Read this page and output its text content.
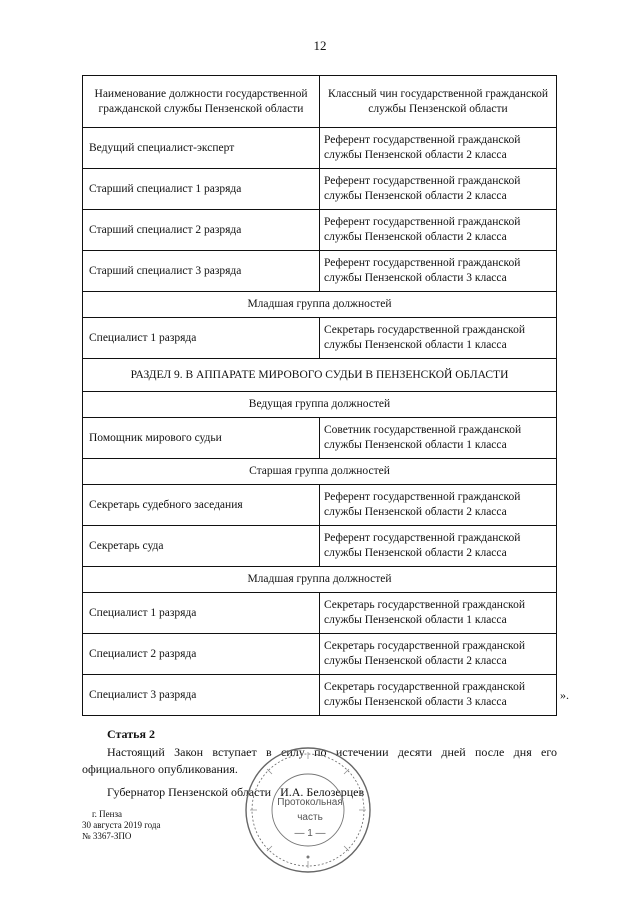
12
Наименование должности государственной гражданской службы Пензенской области	Классный чин государственной гражданской службы Пензенской области
Ведущий специалист-эксперт	Референт государственной гражданской службы Пензенской области 2 класса
Старший специалист 1 разряда	Референт государственной гражданской службы Пензенской области 2 класса
Старший специалист 2 разряда	Референт государственной гражданской службы Пензенской области 2 класса
Старший специалист 3 разряда	Референт государственной гражданской службы Пензенской области 3 класса
Младшая группа должностей	
Специалист 1 разряда	Секретарь государственной гражданской службы Пензенской области 1 класса
РАЗДЕЛ 9. В АППАРАТЕ МИРОВОГО СУДЬИ В ПЕНЗЕНСКОЙ ОБЛАСТИ	
Ведущая группа должностей	
Помощник мирового судьи	Советник государственной гражданской службы Пензенской области 1 класса
Старшая группа должностей	
Секретарь судебного заседания	Референт государственной гражданской службы Пензенской области 2 класса
Секретарь суда	Референт государственной гражданской службы Пензенской области 2 класса
Младшая группа должностей	
Специалист 1 разряда	Секретарь государственной гражданской службы Пензенской области 1 класса
Специалист 2 разряда	Секретарь государственной гражданской службы Пензенской области 2 класса
Специалист 3 разряда	Секретарь государственной гражданской службы Пензенской области 3 класса	».
Статья 2
Настоящий Закон вступает в силу по истечении десяти дней после дня его официального опубликования.
Губернатор Пензенской области   И.А. Белозерцев
г. Пенза
30 августа 2019 года
№ 3367-ЗПО
Протокольная
часть
— 1 —
